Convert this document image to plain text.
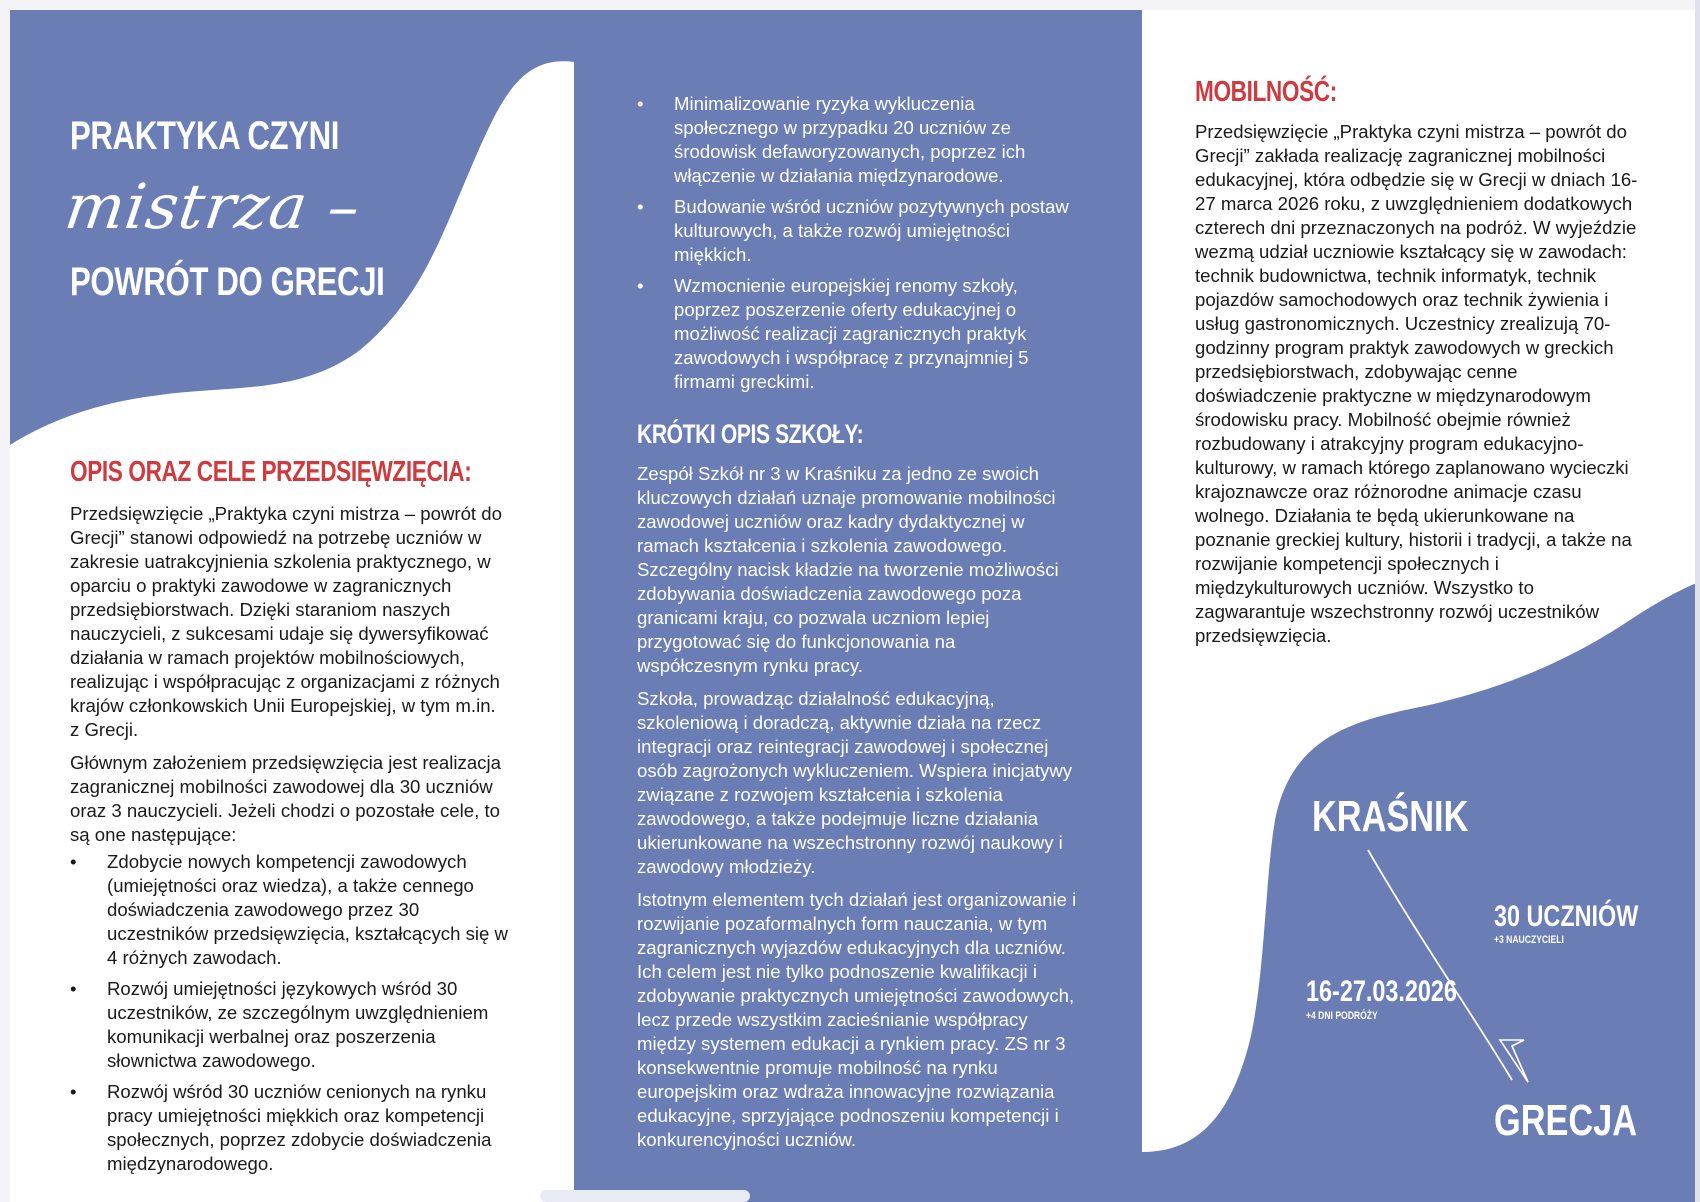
PRAKTYKA CZYNI
mistrza –
POWRÓT DO GRECJI
OPIS ORAZ CELE PRZEDSIĘWZIĘCIA:

Przedsięwzięcie „Praktyka czyni mistrza – powrót do Grecji” stanowi odpowiedź na potrzebę uczniów w zakresie uatrakcyjnienia szkolenia praktycznego, w oparciu o praktyki zawodowe w zagranicznych przedsiębiorstwach. Dzięki staraniom naszych nauczycieli, z sukcesami udaje się dywersyfikować działania w ramach projektów mobilnościowych, realizując i współpracując z organizacjami z różnych krajów członkowskich Unii Europejskiej, w tym m.in. z Grecji.

Głównym założeniem przedsięwzięcia jest realizacja zagranicznej mobilności zawodowej dla 30 uczniów oraz 3 nauczycieli. Jeżeli chodzi o pozostałe cele, to są one następujące:

• Zdobycie nowych kompetencji zawodowych (umiejętności oraz wiedza), a także cennego doświadczenia zawodowego przez 30 uczestników przedsięwzięcia, kształcących się w 4 różnych zawodach.
• Rozwój umiejętności językowych wśród 30 uczestników, ze szczególnym uwzględnieniem komunikacji werbalnej oraz poszerzenia słownictwa zawodowego.
• Rozwój wśród 30 uczniów cenionych na rynku pracy umiejętności miękkich oraz kompetencji społecznych, poprzez zdobycie doświadczenia międzynarodowego.
• Minimalizowanie ryzyka wykluczenia społecznego w przypadku 20 uczniów ze środowisk defaworyzowanych, poprzez ich włączenie w działania międzynarodowe.
• Budowanie wśród uczniów pozytywnych postaw kulturowych, a także rozwój umiejętności miękkich.
• Wzmocnienie europejskiej renomy szkoły, poprzez poszerzenie oferty edukacyjnej o możliwość realizacji zagranicznych praktyk zawodowych i współpracę z przynajmniej 5 firmami greckimi.
KRÓTKI OPIS SZKOŁY:

Zespół Szkół nr 3 w Kraśniku za jedno ze swoich kluczowych działań uznaje promowanie mobilności zawodowej uczniów oraz kadry dydaktycznej w ramach kształcenia i szkolenia zawodowego. Szczególny nacisk kładzie na tworzenie możliwości zdobywania doświadczenia zawodowego poza granicami kraju, co pozwala uczniom lepiej przygotować się do funkcjonowania na współczesnym rynku pracy.

Szkoła, prowadząc działalność edukacyjną, szkoleniową i doradczą, aktywnie działa na rzecz integracji oraz reintegracji zawodowej i społecznej osób zagrożonych wykluczeniem. Wspiera inicjatywy związane z rozwojem kształcenia i szkolenia zawodowego, a także podejmuje liczne działania ukierunkowane na wszechstronny rozwój naukowy i zawodowy młodzieży.

Istotnym elementem tych działań jest organizowanie i rozwijanie pozaformalnych form nauczania, w tym zagranicznych wyjazdów edukacyjnych dla uczniów. Ich celem jest nie tylko podnoszenie kwalifikacji i zdobywanie praktycznych umiejętności zawodowych, lecz przede wszystkim zacieśnianie współpracy między systemem edukacji a rynkiem pracy. ZS nr 3 konsekwentnie promuje mobilność na rynku europejskim oraz wdraża innowacyjne rozwiązania edukacyjne, sprzyjające podnoszeniu kompetencji i konkurencyjności uczniów.

MOBILNOŚĆ:

Przedsięwzięcie „Praktyka czyni mistrza – powrót do Grecji” zakłada realizację zagranicznej mobilności edukacyjnej, która odbędzie się w Grecji w dniach 16-27 marca 2026 roku, z uwzględnieniem dodatkowych czterech dni przeznaczonych na podróż. W wyjeździe wezmą udział uczniowie kształcący się w zawodach: technik budownictwa, technik informatyk, technik pojazdów samochodowych oraz technik żywienia i usług gastronomicznych. Uczestnicy zrealizują 70-godzinny program praktyk zawodowych w greckich przedsiębiorstwach, zdobywając cenne doświadczenie praktyczne w międzynarodowym środowisku pracy. Mobilność obejmie również rozbudowany i atrakcyjny program edukacyjno-kulturowy, w ramach którego zaplanowano wycieczki krajoznawcze oraz różnorodne animacje czasu wolnego. Działania te będą ukierunkowane na poznanie greckiej kultury, historii i tradycji, a także na rozwijanie kompetencji społecznych i międzykulturowych uczniów. Wszystko to zagwarantuje wszechstronny rozwój uczestników przedsięwzięcia.

KRAŚNIK
30 UCZNIÓW
+3 NAUCZYCIELI
16-27.03.2026
+4 DNI PODRÓŻY
GRECJA
